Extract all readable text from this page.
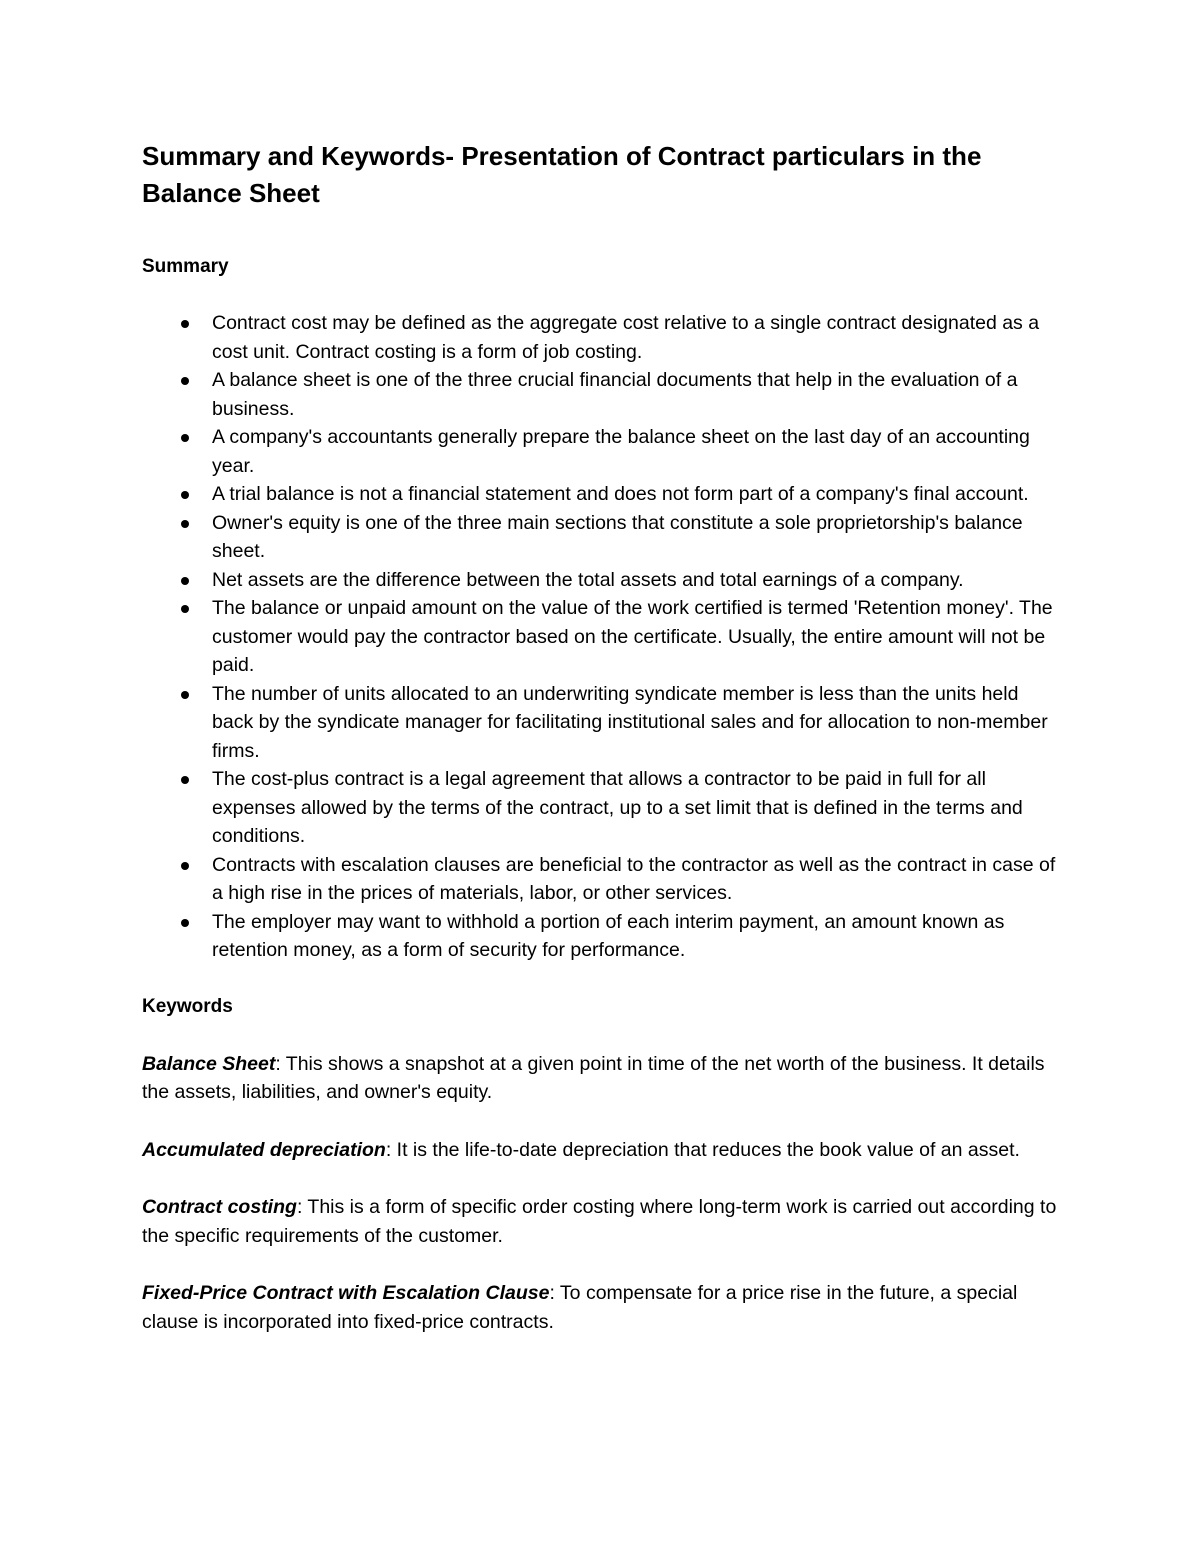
Summary and Keywords- Presentation of Contract particulars in the Balance Sheet
Summary
Contract cost may be defined as the aggregate cost relative to a single contract designated as a cost unit. Contract costing is a form of job costing.
A balance sheet is one of the three crucial financial documents that help in the evaluation of a business.
A company's accountants generally prepare the balance sheet on the last day of an accounting year.
A trial balance is not a financial statement and does not form part of a company's final account.
Owner's equity is one of the three main sections that constitute a sole proprietorship's balance sheet.
Net assets are the difference between the total assets and total earnings of a company.
The balance or unpaid amount on the value of the work certified is termed 'Retention money'. The customer would pay the contractor based on the certificate. Usually, the entire amount will not be paid.
The number of units allocated to an underwriting syndicate member is less than the units held back by the syndicate manager for facilitating institutional sales and for allocation to non-member firms.
The cost-plus contract is a legal agreement that allows a contractor to be paid in full for all expenses allowed by the terms of the contract, up to a set limit that is defined in the terms and conditions.
Contracts with escalation clauses are beneficial to the contractor as well as the contract in case of a high rise in the prices of materials, labor, or other services.
The employer may want to withhold a portion of each interim payment, an amount known as retention money, as a form of security for performance.
Keywords

Balance Sheet: This shows a snapshot at a given point in time of the net worth of the business. It details the assets, liabilities, and owner's equity.

Accumulated depreciation: It is the life-to-date depreciation that reduces the book value of an asset.

Contract costing: This is a form of specific order costing where long-term work is carried out according to the specific requirements of the customer.

Fixed-Price Contract with Escalation Clause: To compensate for a price rise in the future, a special clause is incorporated into fixed-price contracts.
